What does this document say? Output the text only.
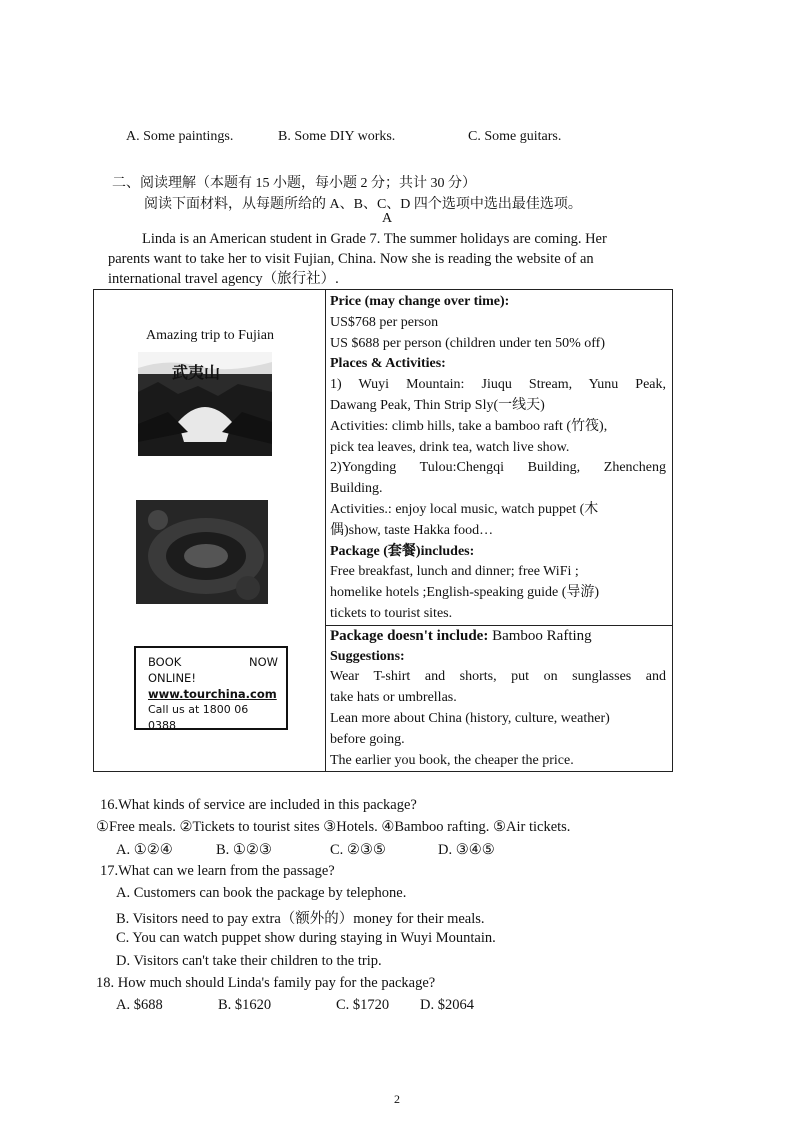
A. Some paintings.	B. Some DIY works.	C. Some guitars.
二、阅读理解（本题有 15 小题，每小题 2 分；共计 30 分）
阅读下面材料，从每题所给的 A、B、C、D 四个选项中选出最佳选项。
A

Linda is an American student in Grade 7. The summer holidays are coming. Her

parents want to take her to visit Fujian, China. Now she is reading the website of an

international travel agency（旅行社）.

Amazing trip to Fujian
武夷山
BOOK	NOW
ONLINE!
www.tourchina.com
Call us at 1800 06 0388
Price (may change over time):
US$768 per person
US $688 per person (children under ten 50% off)
Places & Activities:
1) Wuyi Mountain: Jiuqu Stream, Yunu Peak,
Dawang Peak, Thin Strip Sly(一线天)
Activities: climb hills, take a bamboo raft (竹筏),
pick tea leaves, drink tea, watch live show.
2)Yongding Tulou:Chengqi Building, Zhencheng
Building.
Activities.: enjoy local music, watch puppet (木
偶)show, taste Hakka food…
Package (套餐)includes:
Free breakfast, lunch and dinner; free WiFi ;
homelike hotels ;English-speaking guide (导游)
tickets to tourist sites.
Package doesn't include: Bamboo Rafting
Suggestions:
Wear T-shirt and shorts, put on sunglasses and
take hats or umbrellas.
Lean more about China (history, culture, weather)
before going.
The earlier you book, the cheaper the price.
16.What kinds of service are included in this package?
①Free meals. ②Tickets to tourist sites ③Hotels. ④Bamboo rafting. ⑤Air tickets.
A. ①②④	B. ①②③	C. ②③⑤	D. ③④⑤
17.What can we learn from the passage?
A. Customers can book the package by telephone.
B. Visitors need to pay extra（额外的）money for their meals.
C. You can watch puppet show during staying in Wuyi Mountain.
D. Visitors can't take their children to the trip.
18. How much should Linda's family pay for the package?
A. $688	B. $1620	C. $1720 D. $2064
2
